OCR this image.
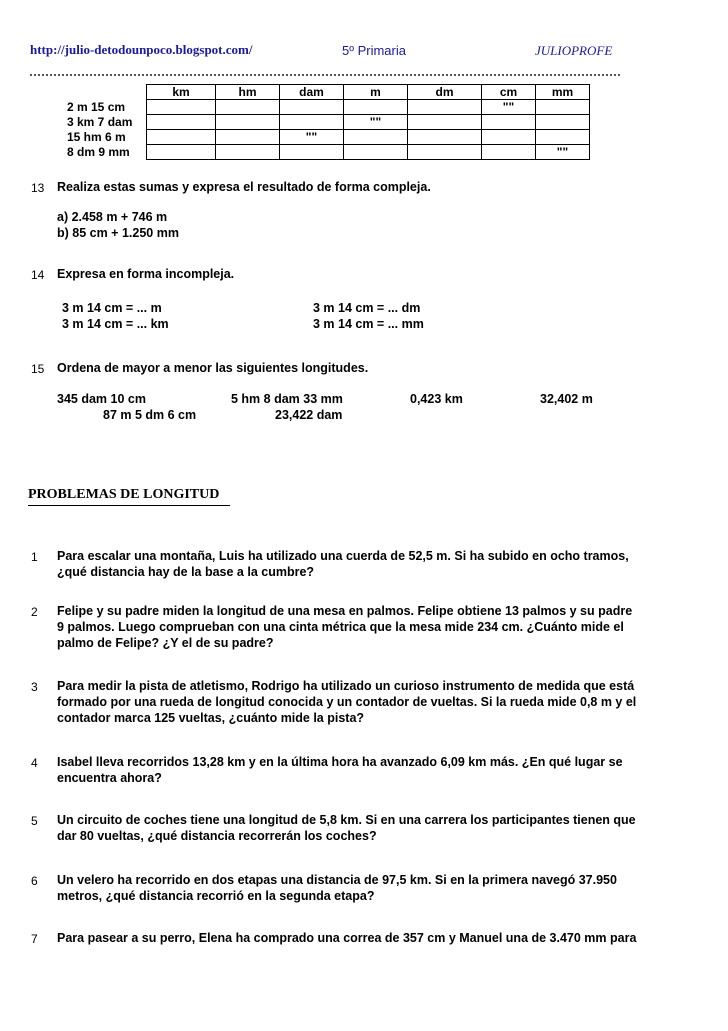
http://julio-detodounpoco.blogspot.com/	5º Primaria	JULIOPROFE
	km	hm	dam	m	dm	cm	mm
2 m 15 cm						""	
3 km 7 dam				""			
15 hm 6 m			""				
8 dm 9 mm							""
13 Realiza estas sumas y expresa el resultado de forma compleja.
a) 2.458 m + 746 m
b) 85 cm + 1.250 mm
14 Expresa en forma incompleja.
3 m 14 cm = ... m	3 m 14 cm = ... dm
3 m 14 cm = ... km	3 m 14 cm = ... mm
15 Ordena de mayor a menor las siguientes longitudes.
345 dam 10 cm	5 hm 8 dam 33 mm	0,423 km	32,402 m
87 m 5 dm 6 cm	23,422 dam
PROBLEMAS DE LONGITUD
1 Para escalar una montaña, Luis ha utilizado una cuerda de 52,5 m. Si ha subido en ocho tramos,
¿qué distancia hay de la base a la cumbre?
2 Felipe y su padre miden la longitud de una mesa en palmos. Felipe obtiene 13 palmos y su padre
9 palmos. Luego comprueban con una cinta métrica que la mesa mide 234 cm. ¿Cuánto mide el
palmo de Felipe? ¿Y el de su padre?
3 Para medir la pista de atletismo, Rodrigo ha utilizado un curioso instrumento de medida que está
formado por una rueda de longitud conocida y un contador de vueltas. Si la rueda mide 0,8 m y el
contador marca 125 vueltas, ¿cuánto mide la pista?
4 Isabel lleva recorridos 13,28 km y en la última hora ha avanzado 6,09 km más. ¿En qué lugar se
encuentra ahora?
5 Un circuito de coches tiene una longitud de 5,8 km. Si en una carrera los participantes tienen que
dar 80 vueltas, ¿qué distancia recorrerán los coches?
6 Un velero ha recorrido en dos etapas una distancia de 97,5 km. Si en la primera navegó 37.950
metros, ¿qué distancia recorrió en la segunda etapa?
7 Para pasear a su perro, Elena ha comprado una correa de 357 cm y Manuel una de 3.470 mm para
